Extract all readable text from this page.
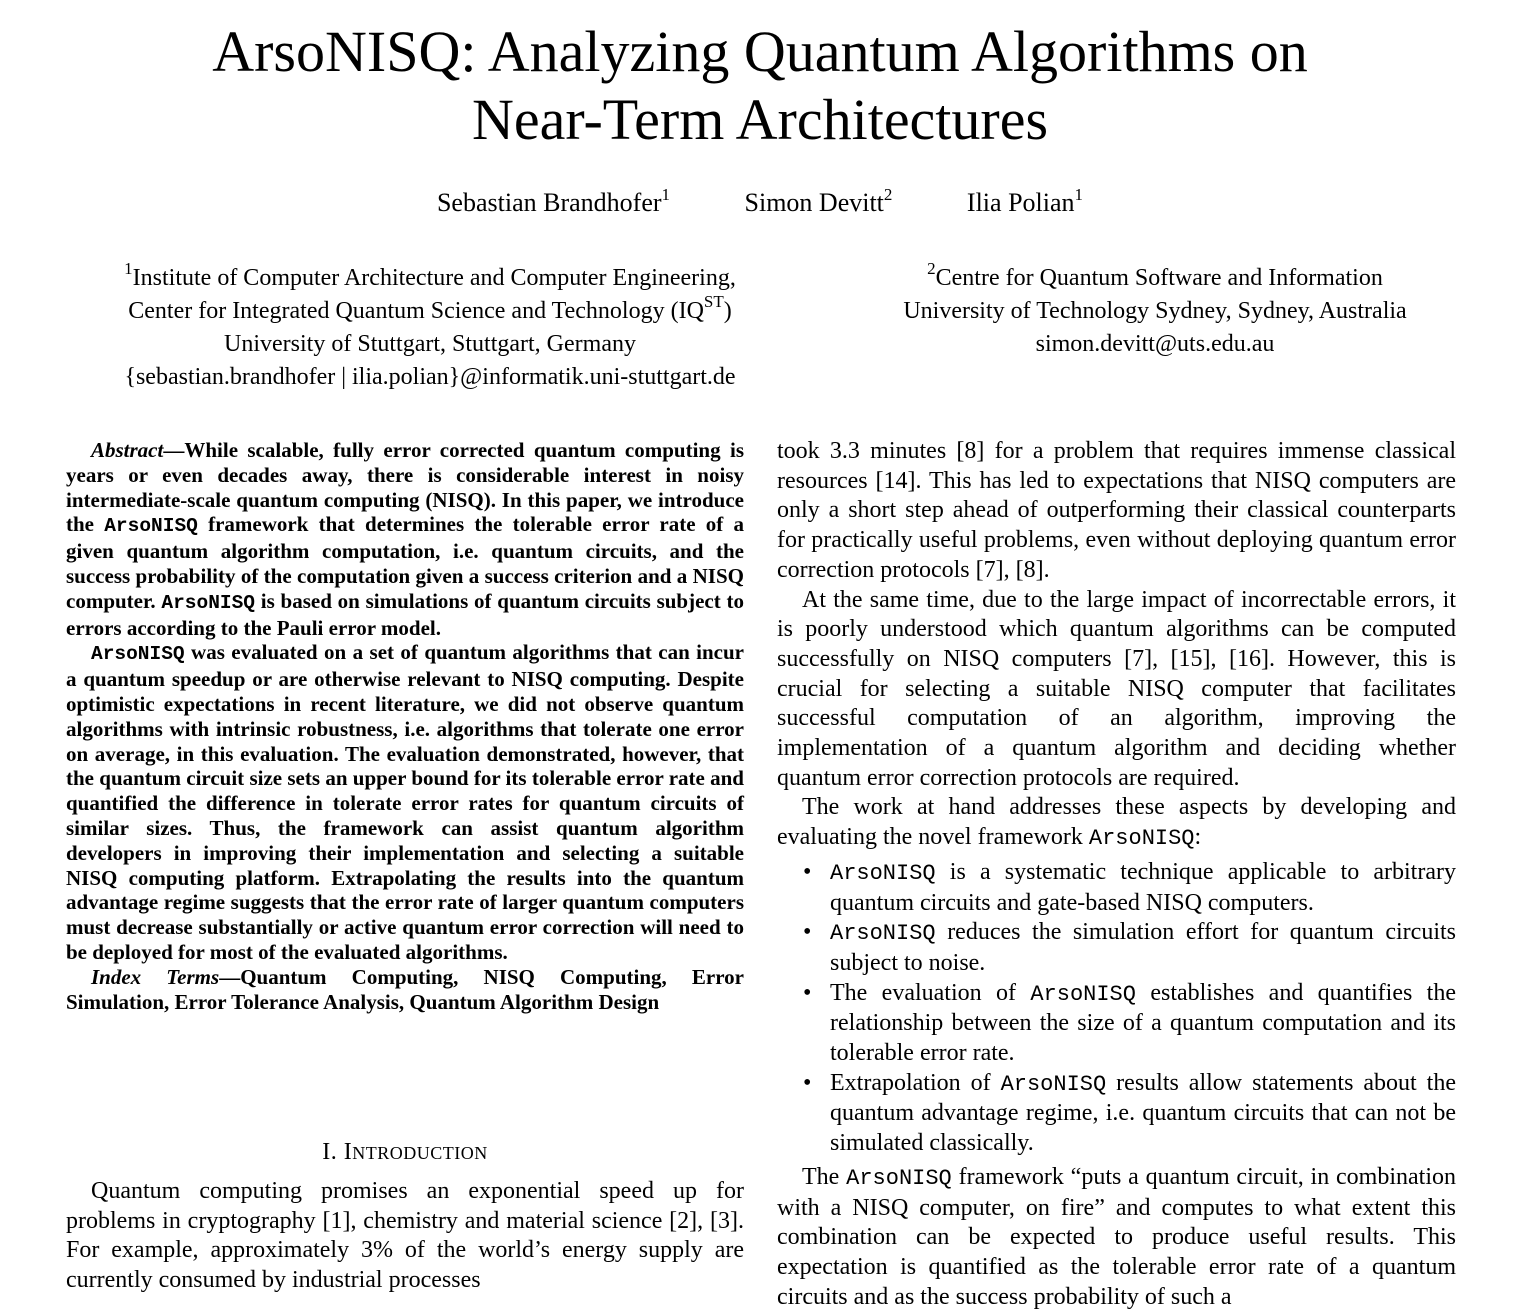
ArsoNISQ: Analyzing Quantum Algorithms on
Near-Term Architectures
Sebastian Brandhofer$^1$	Simon Devitt$^2$	Ilia Polian$^1$
$^1$Institute of Computer Architecture and Computer Engineering,
Center for Integrated Quantum Science and Technology $(IQ^{ST})$
University of Stuttgart, Stuttgart, Germany
{sebastian.brandhofer | ilia.polian}@informatik.uni-stuttgart.de
$^2$Centre for Quantum Software and Information
University of Technology Sydney, Sydney, Australia
simon.devitt@uts.edu.au

Abstract—While scalable, fully error corrected quantum computing is years or even decades away, there is considerable interest in noisy intermediate-scale quantum computing (NISQ). In this paper, we introduce the ArsoNISQ framework that determines the tolerable error rate of a given quantum algorithm computation, i.e. quantum circuits, and the success probability of the computation given a success criterion and a NISQ computer. ArsoNISQ is based on simulations of quantum circuits subject to errors according to the Pauli error model.

ArsoNISQ was evaluated on a set of quantum algorithms that can incur a quantum speedup or are otherwise relevant to NISQ computing. Despite optimistic expectations in recent literature, we did not observe quantum algorithms with intrinsic robustness, i.e. algorithms that tolerate one error on average, in this evaluation. The evaluation demonstrated, however, that the quantum circuit size sets an upper bound for its tolerable error rate and quantified the difference in tolerate error rates for quantum circuits of similar sizes. Thus, the framework can assist quantum algorithm developers in improving their implementation and selecting a suitable NISQ computing platform. Extrapolating the results into the quantum advantage regime suggests that the error rate of larger quantum computers must decrease substantially or active quantum error correction will need to be deployed for most of the evaluated algorithms.

Index Terms—Quantum Computing, NISQ Computing, Error Simulation, Error Tolerance Analysis, Quantum Algorithm Design

I. INTRODUCTION

Quantum computing promises an exponential speed up for problems in cryptography [1], chemistry and material science [2], [3]. For example, approximately 3% of the world’s energy supply are currently consumed by industrial processes

took 3.3 minutes [8] for a problem that requires immense classical resources [14]. This has led to expectations that NISQ computers are only a short step ahead of outperforming their classical counterparts for practically useful problems, even without deploying quantum error correction protocols [7], [8].

At the same time, due to the large impact of incorrectable errors, it is poorly understood which quantum algorithms can be computed successfully on NISQ computers [7], [15], [16]. However, this is crucial for selecting a suitable NISQ computer that facilitates successful computation of an algorithm, improving the implementation of a quantum algorithm and deciding whether quantum error correction protocols are required.

The work at hand addresses these aspects by developing and evaluating the novel framework ArsoNISQ:

• ArsoNISQ is a systematic technique applicable to arbitrary quantum circuits and gate-based NISQ computers.
• ArsoNISQ reduces the simulation effort for quantum circuits subject to noise.
• The evaluation of ArsoNISQ establishes and quantifies the relationship between the size of a quantum computation and its tolerable error rate.
• Extrapolation of ArsoNISQ results allow statements about the quantum advantage regime, i.e. quantum circuits that can not be simulated classically.

The ArsoNISQ framework “puts a quantum circuit, in combination with a NISQ computer, on fire” and computes to what extent this combination can be expected to produce useful results. This expectation is quantified as the tolerable error rate of a quantum circuits and as the success probability of such a
